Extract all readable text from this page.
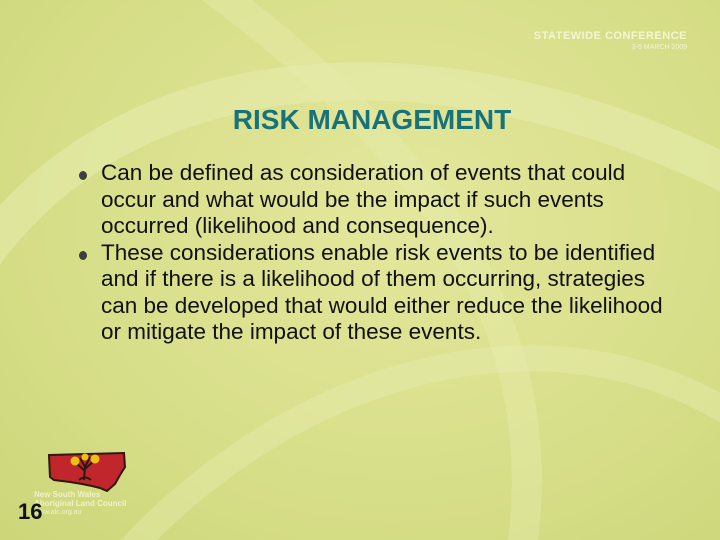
STATEWIDE CONFERENCE
3-5 MARCH 2009
RISK MANAGEMENT
Can be defined as consideration of events that could occur and what would be the impact if such events occurred (likelihood and consequence).
These considerations enable risk events to be identified and if there is a likelihood of them occurring, strategies can be developed that would either reduce the likelihood or mitigate the impact of these events.
New South Wales
Aboriginal Land Council
www.alc.org.au
16
